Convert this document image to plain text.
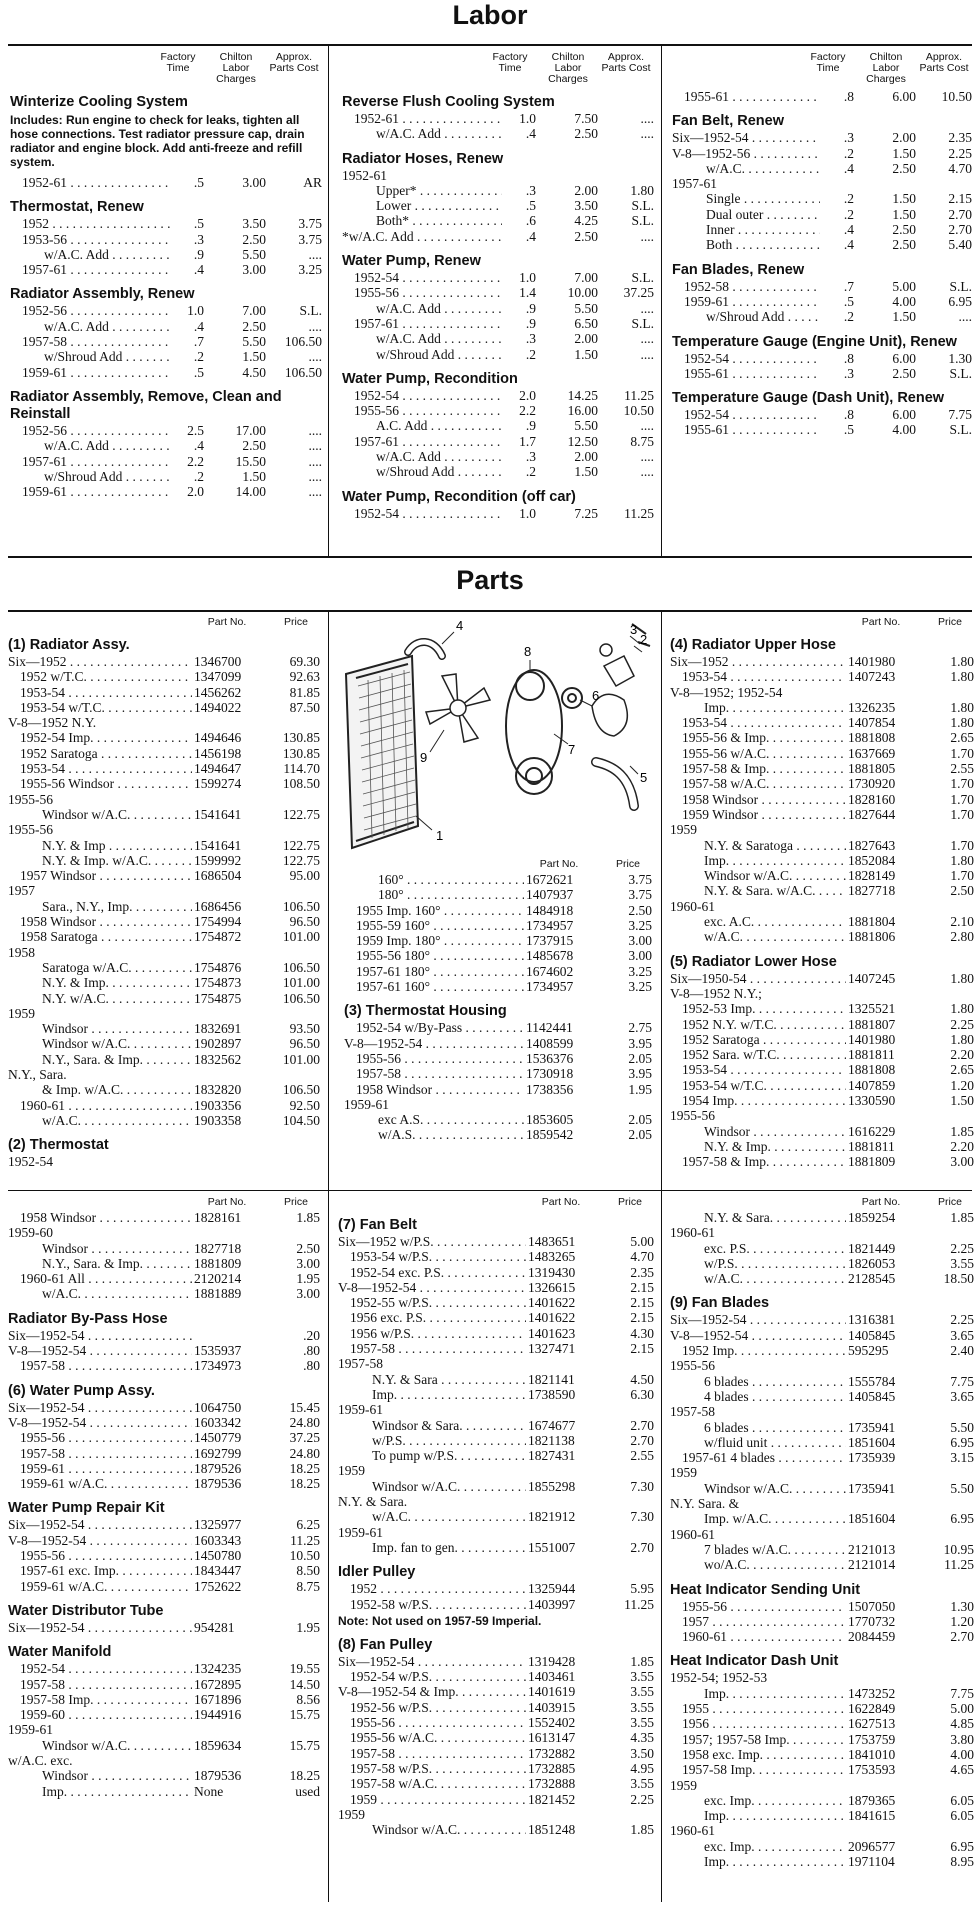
Labor
Factory Time
Chilton Labor Charges
Approx. Parts Cost
Winterize Cooling System
Includes: Run engine to check for leaks, tighten all hose connections. Test radiator pressure cap, drain radiator and engine block. Add anti-freeze and refill system.
1952-61 . . .	.5	3.00	AR
Thermostat, Renew
1952 . . .	.5	3.50	3.75
1953-56 . . .	.3	2.50	3.75
w/A.C. Add . . .	.9	5.50	....
1957-61 . . .	.4	3.00	3.25
Radiator Assembly, Renew
1952-56 . . .	1.0	7.00	S.L.
w/A.C. Add . . .	.4	2.50	....
1957-58 . . .	.7	5.50	106.50
w/Shroud Add . . .	.2	1.50	....
1959-61 . . .	.5	4.50	106.50
Radiator Assembly, Remove, Clean and Reinstall
1952-56 . . .	2.5	17.00	....
w/A.C. Add . . .	.4	2.50	....
1957-61 . . .	2.2	15.50	....
w/Shroud Add . . .	.2	1.50	....
1959-61 . . .	2.0	14.00	....
Factory Time
Chilton Labor Charges
Approx. Parts Cost
Reverse Flush Cooling System
1952-61 . . .	1.0	7.50	....
w/A.C. Add . . .	.4	2.50	....
Radiator Hoses, Renew
1952-61
Upper* . . .	.3	2.00	1.80
Lower . . .	.5	3.50	S.L.
Both* . . .	.6	4.25	S.L.
*w/A.C. Add . . .	.4	2.50	....
Water Pump, Renew
1952-54 . . .	1.0	7.00	S.L.
1955-56 . . .	1.4	10.00	37.25
w/A.C. Add . . .	.9	5.50	....
1957-61 . . .	.9	6.50	S.L.
w/A.C. Add . . .	.3	2.00	....
w/Shroud Add . . .	.2	1.50	....
Water Pump, Recondition
1952-54 . . .	2.0	14.25	11.25
1955-56 . . .	2.2	16.00	10.50
A.C. Add . . .	.9	5.50	....
1957-61 . . .	1.7	12.50	8.75
w/A.C. Add . . .	.3	2.00	....
w/Shroud Add . . .	.2	1.50	....
Water Pump, Recondition (off car)
1952-54 . . .	1.0	7.25	11.25
Factory Time
Chilton Labor Charges
Approx. Parts Cost
1955-61 . . .	.8	6.00	10.50
Fan Belt, Renew
Six—1952-54 . . .	.3	2.00	2.35
V-8—1952-56 . . .	.2	1.50	2.25
w/A.C. . . .	.4	2.50	4.70
1957-61
Single . . .	.2	1.50	2.15
Dual outer . . .	.2	1.50	2.70
Inner . . .	.4	2.50	2.70
Both . . .	.4	2.50	5.40
Fan Blades, Renew
1952-58 . . .	.7	5.00	S.L.
1959-61 . . .	.5	4.00	6.95
w/Shroud Add . . .	.2	1.50	....
Temperature Gauge (Engine Unit), Renew
1952-54 . . .	.8	6.00	1.30
1955-61 . . .	.3	2.50	S.L.
Temperature Gauge (Dash Unit), Renew
1952-54 . . .	.8	6.00	7.75
1955-61 . . .	.5	4.00	S.L.
Parts
Part No.	Price
(1) Radiator Assy.
Six—1952 . . .	1346700	69.30
1952 w/T.C. . . .	1347099	92.63
1953-54 . . .	1456262	81.85
1953-54 w/T.C. . . .	1494022	87.50
V-8—1952 N.Y.
1952-54 Imp. . . .	1494646	130.85
1952 Saratoga . . .	1456198	130.85
1953-54 . . .	1494647	114.70
1955-56 Windsor . . .	1599274	108.50
1955-56
Windsor w/A.C. . . .	1541641	122.75
1955-56
N.Y. & Imp . . .	1541641	122.75
N.Y. & Imp. w/A.C. . . .	1599992	122.75
1957 Windsor . . .	1686504	95.00
1957
Sara., N.Y., Imp. . . .	1686456	106.50
1958 Windsor . . .	1754994	96.50
1958 Saratoga . . .	1754872	101.00
1958
Saratoga w/A.C. . . .	1754876	106.50
N.Y. & Imp. . . .	1754873	101.00
N.Y. w/A.C. . . .	1754875	106.50
1959
Windsor . . .	1832691	93.50
Windsor w/A.C. . . .	1902897	96.50
N.Y., Sara. & Imp. . . .	1832562	101.00
N.Y., Sara.
& Imp. w/A.C. . . .	1832820	106.50
1960-61 . . .	1903356	92.50
w/A.C. . . .	1903358	104.50
(2) Thermostat
1952-54
1
2
3
4
5
6
7
8
9
Part No.	Price
160° . . .	1672621	3.75
180° . . .	1407937	3.75
1955 Imp. 160° . . .	1484918	2.50
1955-59 160° . . .	1734957	3.25
1959 Imp. 180° . . .	1737915	3.00
1955-56 180° . . .	1485678	3.00
1957-61 180° . . .	1674602	3.25
1957-61 160° . . .	1734957	3.25
(3) Thermostat Housing
1952-54 w/By-Pass . . .	1142441	2.75
V-8—1952-54 . . .	1408599	3.95
1955-56 . . .	1536376	2.05
1957-58 . . .	1730918	3.95
1958 Windsor . . .	1738356	1.95
1959-61
exc A.S. . . .	1853605	2.05
w/A.S. . . .	1859542	2.05
Part No.	Price
(4) Radiator Upper Hose
Six—1952 . . .	1401980	1.80
1953-54 . . .	1407243	1.80
V-8—1952; 1952-54
Imp. . . .	1326235	1.80
1953-54 . . .	1407854	1.80
1955-56 & Imp. . . .	1881808	2.65
1955-56 w/A.C. . . .	1637669	1.70
1957-58 & Imp. . . .	1881805	2.55
1957-58 w/A.C. . . .	1730920	1.70
1958 Windsor . . .	1828160	1.70
1959 Windsor . . .	1827644	1.70
1959
N.Y. & Saratoga . . .	1827643	1.70
Imp. . . .	1852084	1.80
Windsor w/A.C. . . .	1828149	1.70
N.Y. & Sara. w/A.C. . . .	1827718	2.50
1960-61
exc. A.C. . . .	1881804	2.10
w/A.C. . . .	1881806	2.80
(5) Radiator Lower Hose
Six—1950-54 . . .	1407245	1.80
V-8—1952 N.Y.;
1952-53 Imp. . . .	1325521	1.80
1952 N.Y. w/T.C. . . .	1881807	2.25
1952 Saratoga . . .	1401980	1.80
1952 Sara. w/T.C. . . .	1881811	2.20
1953-54 . . .	1881808	2.65
1953-54 w/T.C. . . .	1407859	1.20
1954 Imp. . . .	1330590	1.50
1955-56
Windsor . . .	1616229	1.85
N.Y. & Imp. . . .	1881811	2.20
1957-58 & Imp. . . .	1881809	3.00
Part No.	Price
1958 Windsor . . .	1828161	1.85
1959-60
Windsor . . .	1827718	2.50
N.Y., Sara. & Imp. . . .	1881809	3.00
1960-61 All . . .	2120214	1.95
w/A.C. . . .	1881889	3.00
Radiator By-Pass Hose
Six—1952-54 . . .	.20
V-8—1952-54 . . .	1535937	.80
1957-58 . . .	1734973	.80
(6) Water Pump Assy.
Six—1952-54 . . .	1064750	15.45
V-8—1952-54 . . .	1603342	24.80
1955-56 . . .	1450779	37.25
1957-58 . . .	1692799	24.80
1959-61 . . .	1879526	18.25
1959-61 w/A.C. . . .	1879536	18.25
Water Pump Repair Kit
Six—1952-54 . . .	1325977	6.25
V-8—1952-54 . . .	1603343	11.25
1955-56 . . .	1450780	10.50
1957-61 exc. Imp. . . .	1843447	8.50
1959-61 w/A.C. . . .	1752622	8.75
Water Distributor Tube
Six—1952-54 . . .	954281	1.95
Water Manifold
1952-54 . . .	1324235	19.55
1957-58 . . .	1672895	14.50
1957-58 Imp. . . .	1671896	8.56
1959-60 . . .	1944916	15.75
1959-61
Windsor w/A.C. . . .	1859634	15.75
w/A.C. exc.
Windsor . . .	1879536	18.25
Imp. . . .	None	used
Part No.	Price
(7) Fan Belt
Six—1952 w/P.S. . . .	1483651	5.00
1953-54 w/P.S. . . .	1483265	4.70
1952-54 exc. P.S. . . .	1319430	2.35
V-8—1952-54 . . .	1326615	2.15
1952-55 w/P.S. . . .	1401622	2.15
1956 exc. P.S. . . .	1401622	2.15
1956 w/P.S. . . .	1401623	4.30
1957-58 . . .	1327471	2.15
1957-58
N.Y. & Sara . . .	1821141	4.50
Imp. . . .	1738590	6.30
1959-61
Windsor & Sara. . . .	1674677	2.70
w/P.S. . . .	1821138	2.70
To pump w/P.S. . . .	1827431	2.55
1959
Windsor w/A.C. . . .	1855298	7.30
N.Y. & Sara.
w/A.C. . . .	1821912	7.30
1959-61
Imp. fan to gen. . . .	1551007	2.70
Idler Pulley
1952 . . .	1325944	5.95
1952-58 w/P.S. . . .	1403997	11.25
Note: Not used on 1957-59 Imperial.
(8) Fan Pulley
Six—1952-54 . . .	1319428	1.85
1952-54 w/P.S. . . .	1403461	3.55
V-8—1952-54 & Imp. . . .	1401619	3.55
1952-56 w/P.S. . . .	1403915	3.55
1955-56 . . .	1552402	3.55
1955-56 w/A.C. . . .	1613147	4.35
1957-58 . . .	1732882	3.50
1957-58 w/P.S. . . .	1732885	4.95
1957-58 w/A.C. . . .	1732888	3.55
1959 . . .	1821452	2.25
1959
Windsor w/A.C. . . .	1851248	1.85
Part No.	Price
N.Y. & Sara. . . .	1859254	1.85
1960-61
exc. P.S. . . .	1821449	2.25
w/P.S. . . .	1826053	3.55
w/A.C. . . .	2128545	18.50
(9) Fan Blades
Six—1952-54 . . .	1316381	2.25
V-8—1952-54 . . .	1405845	3.65
1952 Imp. . . .	595295	2.40
1955-56
6 blades . . .	1555784	7.75
4 blades . . .	1405845	3.65
1957-58
6 blades . . .	1735941	5.50
w/fluid unit . . .	1851604	6.95
1957-61 4 blades . . .	1735939	3.15
1959
Windsor w/A.C. . . .	1735941	5.50
N.Y. Sara. &
Imp. w/A.C. . . .	1851604	6.95
1960-61
7 blades w/A.C. . . .	2121013	10.95
wo/A.C. . . .	2121014	11.25
Heat Indicator Sending Unit
1955-56 . . .	1507050	1.30
1957 . . .	1770732	1.20
1960-61 . . .	2084459	2.70
Heat Indicator Dash Unit
1952-54; 1952-53
Imp. . . .	1473252	7.75
1955 . . .	1622849	5.00
1956 . . .	1627513	4.85
1957; 1957-58 Imp. . . .	1753759	3.80
1958 exc. Imp. . . .	1841010	4.00
1957-58 Imp. . . .	1753593	4.65
1959
exc. Imp. . . .	1879365	6.05
Imp. . . .	1841615	6.05
1960-61
exc. Imp. . . .	2096577	6.95
Imp. . . .	1971104	8.95
